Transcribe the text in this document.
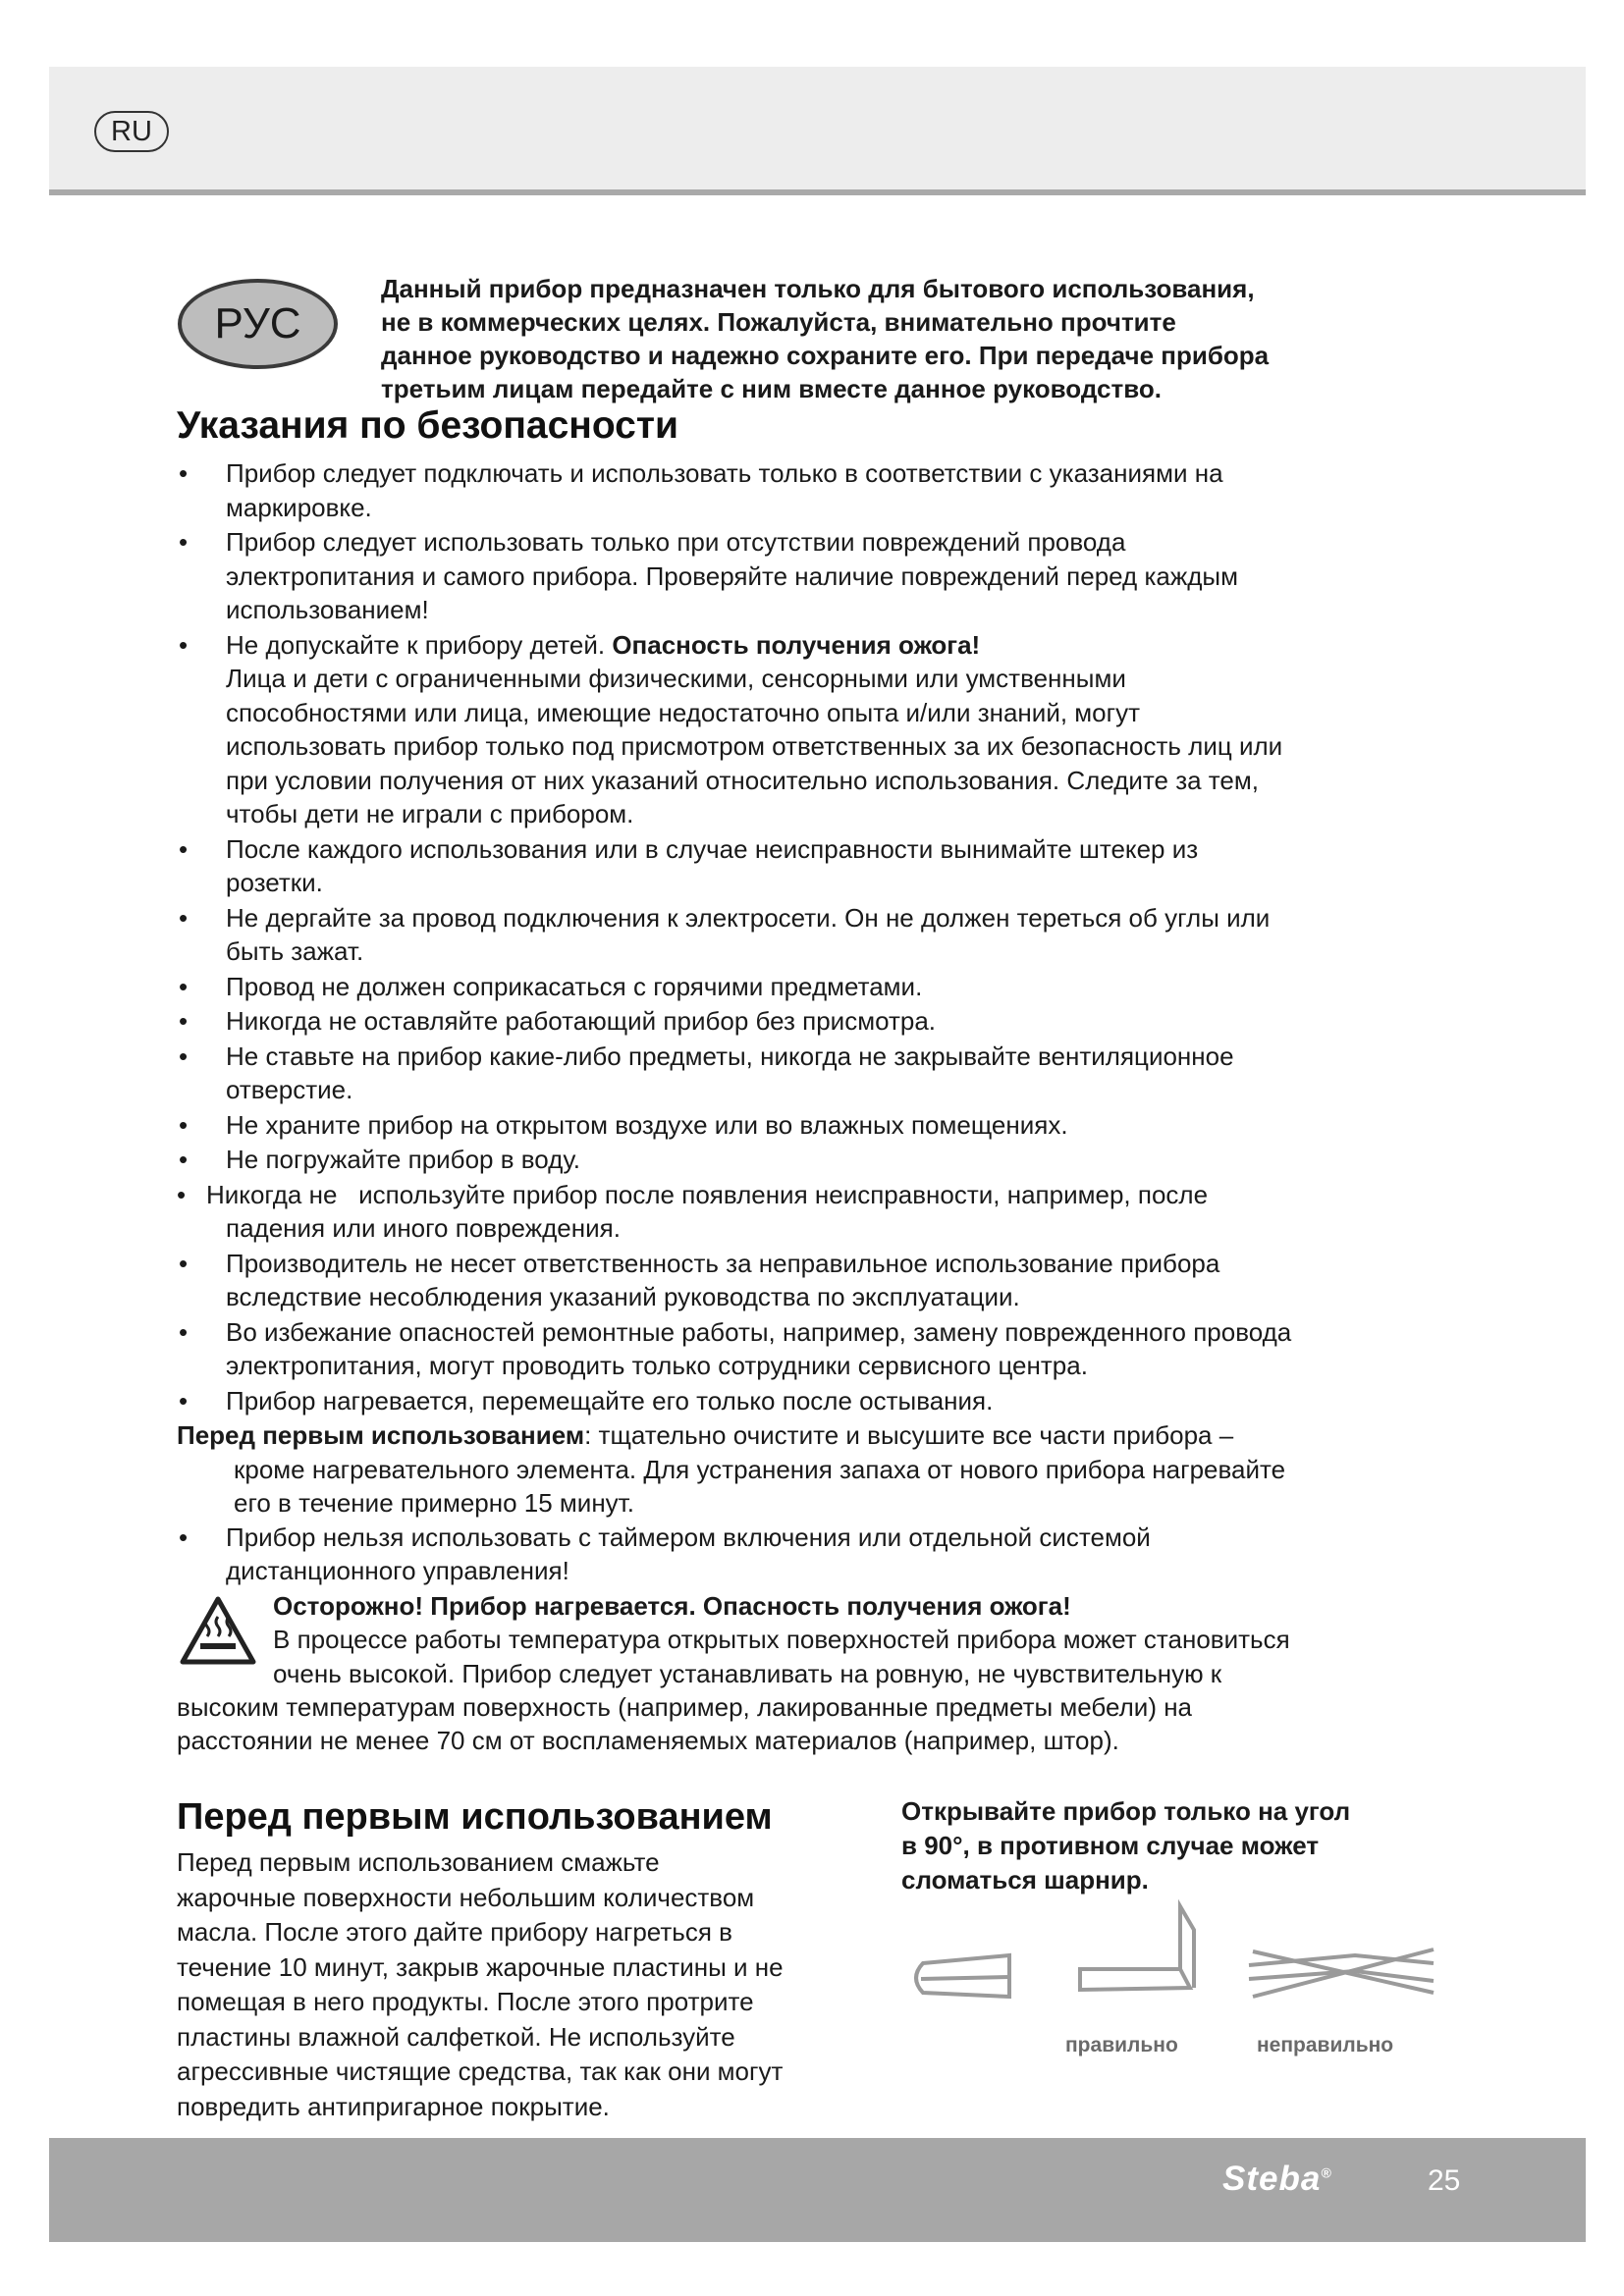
RU
РУС
Данный прибор предназначен только для бытового использования,
не в коммерческих целях. Пожалуйста, внимательно прочтите
данное руководство и надежно сохраните его. При передаче прибора
третьим лицам передайте с ним вместе данное руководство.
Указания по безопасности
• Прибор следует подключать и использовать только в соответствии с указаниями на
маркировке.
• Прибор следует использовать только при отсутствии повреждений провода
электропитания и самого прибора. Проверяйте наличие повреждений перед каждым
использованием!
• Не допускайте к прибору детей. Опасность получения ожога!
Лица и дети с ограниченными физическими, сенсорными или умственными
способностями или лица, имеющие недостаточно опыта и/или знаний, могут
использовать прибор только под присмотром ответственных за их безопасность лиц или
при условии получения от них указаний относительно использования. Следите за тем,
чтобы дети не играли с прибором.
• После каждого использования или в случае неисправности вынимайте штекер из
розетки.
• Не дергайте за провод подключения к электросети. Он не должен тереться об углы или
быть зажат.
• Провод не должен соприкасаться с горячими предметами.
• Никогда не оставляйте работающий прибор без присмотра.
• Не ставьте на прибор какие-либо предметы, никогда не закрывайте вентиляционное
отверстие.
• Не храните прибор на открытом воздухе или во влажных помещениях.
• Не погружайте прибор в воду.
• Никогда не   используйте прибор после появления неисправности, например, после
падения или иного повреждения.
• Производитель не несет ответственность за неправильное использование прибора
вследствие несоблюдения указаний руководства по эксплуатации.
• Во избежание опасностей ремонтные работы, например, замену поврежденного провода
электропитания, могут проводить только сотрудники сервисного центра.
• Прибор нагревается, перемещайте его только после остывания.
Перед первым использованием: тщательно очистите и высушите все части прибора –
кроме нагревательного элемента. Для устранения запаха от нового прибора нагревайте
его в течение примерно 15 минут.
• Прибор нельзя использовать с таймером включения или отдельной системой
дистанционного управления!
Осторожно! Прибор нагревается. Опасность получения ожога!
В процессе работы температура открытых поверхностей прибора может становиться
очень высокой. Прибор следует устанавливать на ровную, не чувствительную к
высоким температурам поверхность (например, лакированные предметы мебели) на
расстоянии не менее 70 см от воспламеняемых материалов (например, штор).
Перед первым использованием
Перед первым использованием смажьте
жарочные поверхности небольшим количеством
масла. После этого дайте прибору нагреться в
течение 10 минут, закрыв жарочные пластины и не
помещая в него продукты. После этого протрите
пластины влажной салфеткой. Не используйте
агрессивные чистящие средства, так как они могут
повредить антипригарное покрытие.
Открывайте прибор только на угол
в 90°, в противном случае может
сломаться шарнир.
правильно	неправильно
Steba®	25
